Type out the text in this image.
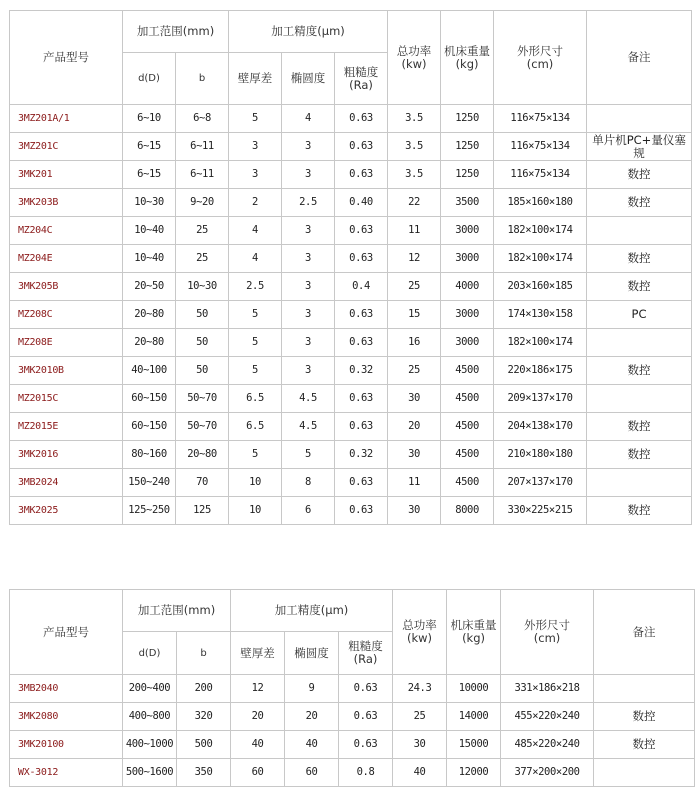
产品型号	加工范围(mm)		加工精度(μm)			总功率
(kw)	机床重量
(kg)	外形尺寸
(cm)	备注
	d(D)	b	壁厚差	椭圆度	粗糙度
(Ra)				
3MZ201A/1	6~10	6~8	5	4	0.63	3.5	1250	116×75×134	
3MZ201C	6~15	6~11	3	3	0.63	3.5	1250	116×75×134	单片机PC+量仪塞规
3MK201	6~15	6~11	3	3	0.63	3.5	1250	116×75×134	数控
3MK203B	10~30	9~20	2	2.5	0.40	22	3500	185×160×180	数控
MZ204C	10~40	25	4	3	0.63	11	3000	182×100×174	
MZ204E	10~40	25	4	3	0.63	12	3000	182×100×174	数控
3MK205B	20~50	10~30	2.5	3	0.4	25	4000	203×160×185	数控
MZ208C	20~80	50	5	3	0.63	15	3000	174×130×158	PC
MZ208E	20~80	50	5	3	0.63	16	3000	182×100×174	
3MK2010B	40~100	50	5	3	0.32	25	4500	220×186×175	数控
MZ2015C	60~150	50~70	6.5	4.5	0.63	30	4500	209×137×170	
MZ2015E	60~150	50~70	6.5	4.5	0.63	20	4500	204×138×170	数控
3MK2016	80~160	20~80	5	5	0.32	30	4500	210×180×180	数控
3MB2024	150~240	70	10	8	0.63	11	4500	207×137×170	
3MK2025	125~250	125	10	6	0.63	30	8000	330×225×215	数控
产品型号	加工范围(mm)		加工精度(μm)			总功率
(kw)	机床重量
(kg)	外形尺寸
(cm)	备注
	d(D)	b	壁厚差	椭圆度	粗糙度
(Ra)				
3MB2040	200~400	200	12	9	0.63	24.3	10000	331×186×218	
3MK2080	400~800	320	20	20	0.63	25	14000	455×220×240	数控
3MK20100	400~1000	500	40	40	0.63	30	15000	485×220×240	数控
WX-3012	500~1600	350	60	60	0.8	40	12000	377×200×200	
